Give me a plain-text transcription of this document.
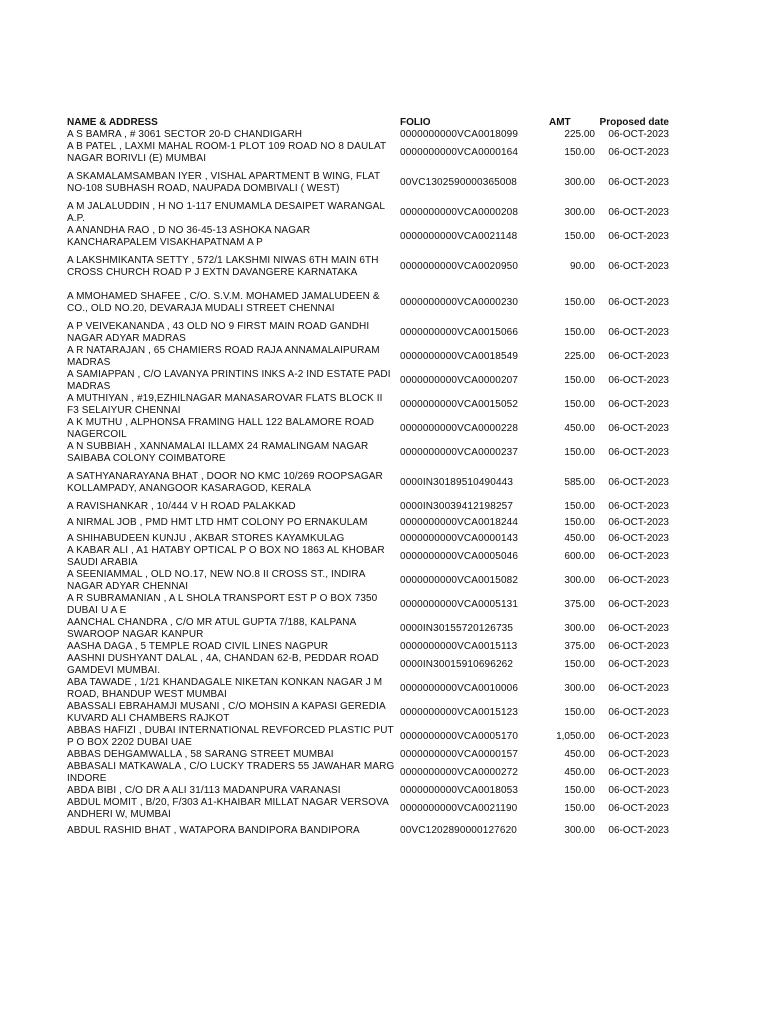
NAME & ADDRESS	FOLIO	AMT	Proposed date
A S BAMRA , # 3061 SECTOR 20-D CHANDIGARH	0000000000VCA0018099	225.00	06-OCT-2023
A B PATEL , LAXMI MAHAL ROOM-1 PLOT 109 ROAD NO 8 DAULAT NAGAR BORIVLI (E) MUMBAI	0000000000VCA0000164	150.00	06-OCT-2023
A SKAMALAMSAMBAN IYER , VISHAL APARTMENT B WING, FLAT NO-108 SUBHASH ROAD, NAUPADA DOMBIVALI ( WEST)	00VC1302590000365008	300.00	06-OCT-2023
A M JALALUDDIN , H NO 1-117 ENUMAMLA DESAIPET WARANGAL A.P.	0000000000VCA0000208	300.00	06-OCT-2023
A ANANDHA RAO , D NO 36-45-13 ASHOKA NAGAR KANCHARAPALEM VISAKHAPATNAM A P	0000000000VCA0021148	150.00	06-OCT-2023
A LAKSHMIKANTA SETTY , 572/1 LAKSHMI NIWAS 6TH MAIN 6TH CROSS CHURCH ROAD P J EXTN DAVANGERE KARNATAKA	0000000000VCA0020950	90.00	06-OCT-2023
A MMOHAMED SHAFEE , C/O. S.V.M. MOHAMED JAMALUDEEN & CO., OLD NO.20, DEVARAJA MUDALI STREET CHENNAI	0000000000VCA0000230	150.00	06-OCT-2023
A P VEIVEKANANDA , 43 OLD NO 9 FIRST MAIN ROAD GANDHI NAGAR ADYAR MADRAS	0000000000VCA0015066	150.00	06-OCT-2023
A R NATARAJAN , 65 CHAMIERS ROAD RAJA ANNAMALAIPURAM MADRAS	0000000000VCA0018549	225.00	06-OCT-2023
A SAMIAPPAN , C/O LAVANYA PRINTINS INKS A-2 IND ESTATE PADI MADRAS	0000000000VCA0000207	150.00	06-OCT-2023
A MUTHIYAN , #19,EZHILNAGAR MANASAROVAR FLATS BLOCK II F3 SELAIYUR CHENNAI	0000000000VCA0015052	150.00	06-OCT-2023
A K MUTHU , ALPHONSA FRAMING HALL 122 BALAMORE ROAD NAGERCOIL	0000000000VCA0000228	450.00	06-OCT-2023
A N SUBBIAH , XANNAMALAI ILLAMX 24 RAMALINGAM NAGAR SAIBABA COLONY COIMBATORE	0000000000VCA0000237	150.00	06-OCT-2023
A SATHYANARAYANA BHAT , DOOR NO KMC 10/269 ROOPSAGAR KOLLAMPADY, ANANGOOR KASARAGOD, KERALA	0000IN30189510490443	585.00	06-OCT-2023
A RAVISHANKAR , 10/444 V H ROAD PALAKKAD	0000IN30039412198257	150.00	06-OCT-2023
A NIRMAL JOB , PMD HMT LTD HMT COLONY PO ERNAKULAM	0000000000VCA0018244	150.00	06-OCT-2023
A SHIHABUDEEN KUNJU , AKBAR STORES KAYAMKULAG	0000000000VCA0000143	450.00	06-OCT-2023
A KABAR ALI , A1 HATABY OPTICAL P O BOX NO 1863 AL KHOBAR SAUDI ARABIA	0000000000VCA0005046	600.00	06-OCT-2023
A SEENIAMMAL , OLD NO.17, NEW NO.8 II CROSS ST., INDIRA NAGAR ADYAR CHENNAI	0000000000VCA0015082	300.00	06-OCT-2023
A R SUBRAMANIAN , A L SHOLA TRANSPORT EST P O BOX 7350 DUBAI U A E	0000000000VCA0005131	375.00	06-OCT-2023
AANCHAL CHANDRA , C/O MR ATUL GUPTA 7/188, KALPANA SWAROOP NAGAR KANPUR	0000IN30155720126735	300.00	06-OCT-2023
AASHA DAGA , 5 TEMPLE ROAD CIVIL LINES NAGPUR	0000000000VCA0015113	375.00	06-OCT-2023
AASHNI DUSHYANT DALAL , 4A, CHANDAN 62-B, PEDDAR ROAD GAMDEVI MUMBAI.	0000IN30015910696262	150.00	06-OCT-2023
ABA TAWADE , 1/21 KHANDAGALE NIKETAN KONKAN NAGAR J M ROAD, BHANDUP WEST MUMBAI	0000000000VCA0010006	300.00	06-OCT-2023
ABASSALI EBRAHAMJI MUSANI , C/O MOHSIN A KAPASI GEREDIA KUVARD ALI CHAMBERS RAJKOT	0000000000VCA0015123	150.00	06-OCT-2023
ABBAS HAFIZI , DUBAI INTERNATIONAL REVFORCED PLASTIC PUT P O BOX 2202 DUBAI UAE	0000000000VCA0005170	1,050.00	06-OCT-2023
ABBAS DEHGAMWALLA , 58 SARANG STREET MUMBAI	0000000000VCA0000157	450.00	06-OCT-2023
ABBASALI MATKAWALA , C/O LUCKY TRADERS 55 JAWAHAR MARG INDORE	0000000000VCA0000272	450.00	06-OCT-2023
ABDA BIBI , C/O DR A ALI 31/113 MADANPURA VARANASI	0000000000VCA0018053	150.00	06-OCT-2023
ABDUL MOMIT , B/20, F/303 A1-KHAIBAR MILLAT NAGAR VERSOVA ANDHERI W, MUMBAI	0000000000VCA0021190	150.00	06-OCT-2023
ABDUL RASHID BHAT , WATAPORA BANDIPORA BANDIPORA	00VC1202890000127620	300.00	06-OCT-2023
